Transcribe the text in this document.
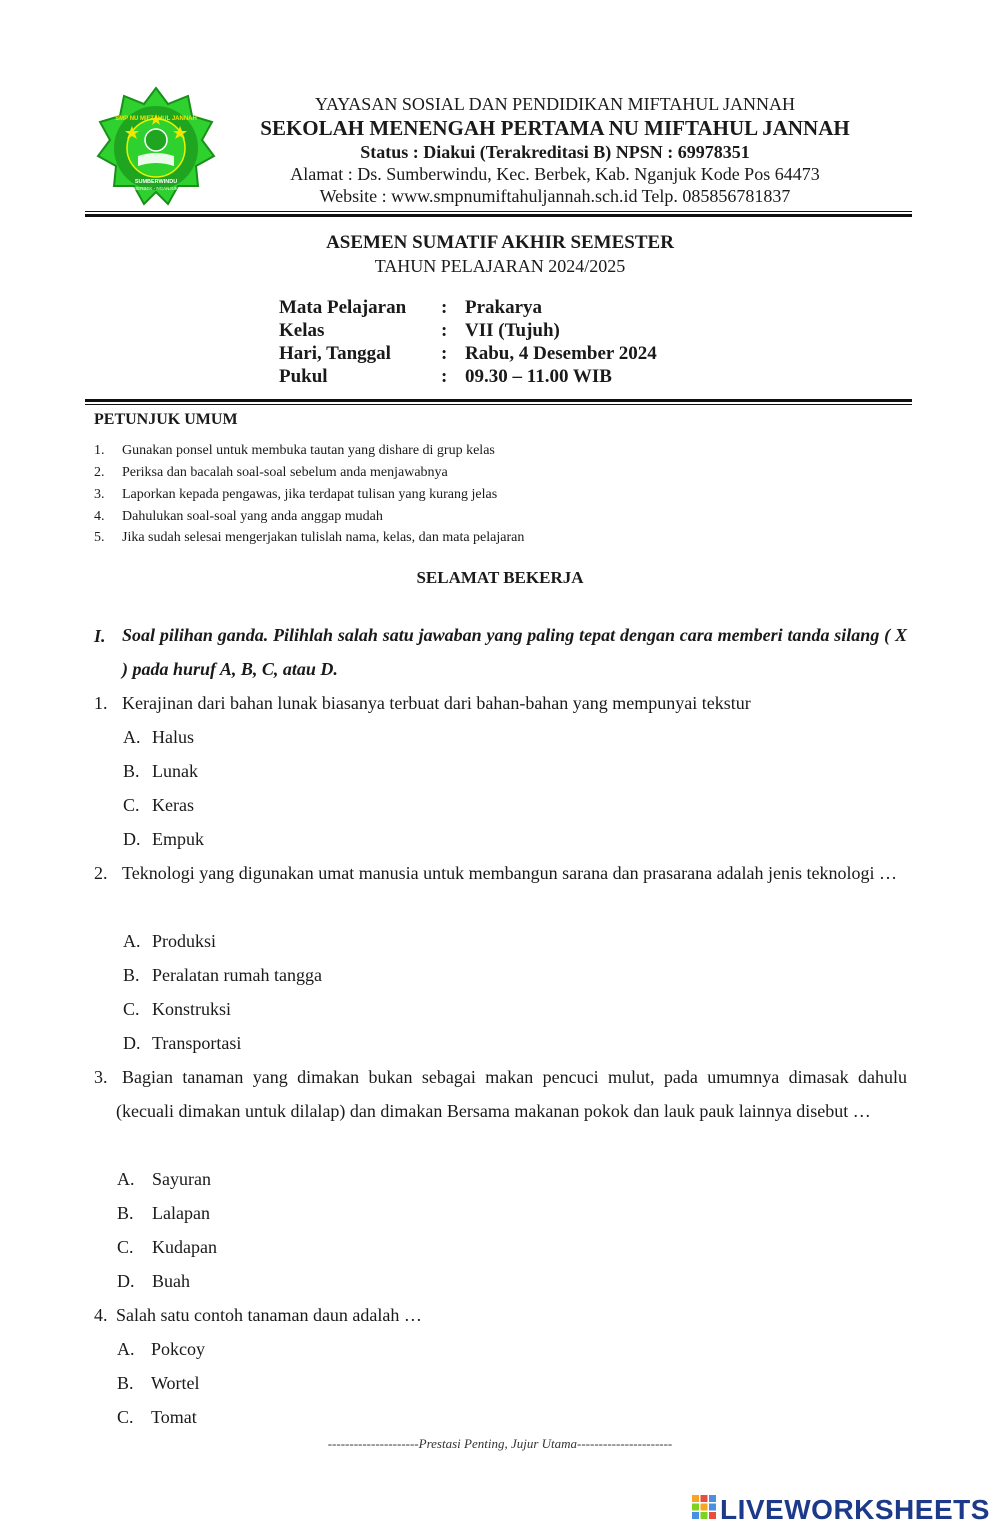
SMP NU MIFTAHUL JANNAH
SUMBERWINDU
BERBEK - NGANJUK
YAYASAN SOSIAL DAN PENDIDIKAN MIFTAHUL JANNAH
SEKOLAH MENENGAH PERTAMA NU MIFTAHUL JANNAH
Status : Diakui (Terakreditasi B) NPSN : 69978351
Alamat : Ds. Sumberwindu, Kec. Berbek, Kab. Nganjuk Kode Pos 64473
Website : www.smpnumiftahuljannah.sch.id Telp. 085856781837
ASEMEN SUMATIF AKHIR SEMESTER
TAHUN PELAJARAN 2024/2025
Mata Pelajaran : Prakarya
Kelas	: VII (Tujuh)
Hari, Tanggal	: Rabu, 4 Desember 2024
Pukul	: 09.30 – 11.00 WIB
PETUNJUK UMUM
1. Gunakan ponsel untuk membuka tautan yang dishare di grup kelas
2. Periksa dan bacalah soal-soal sebelum anda menjawabnya
3. Laporkan kepada pengawas, jika terdapat tulisan yang kurang jelas
4. Dahulukan soal-soal yang anda anggap mudah
5. Jika sudah selesai mengerjakan tulislah nama, kelas, dan mata pelajaran
SELAMAT BEKERJA
I. Soal pilihan ganda. Pilihlah salah satu jawaban yang paling tepat dengan cara memberi tanda silang ( X ) pada huruf A, B, C, atau D.
1. Kerajinan dari bahan lunak biasanya terbuat dari bahan-bahan yang mempunyai tekstur
A. Halus
B. Lunak
C. Keras
D. Empuk
2. Teknologi yang digunakan umat manusia untuk membangun sarana dan prasarana adalah jenis teknologi …
A. Produksi
B. Peralatan rumah tangga
C. Konstruksi
D. Transportasi
3. Bagian tanaman yang dimakan bukan sebagai makan pencuci mulut, pada umumnya dimasak dahulu (kecuali dimakan untuk dilalap) dan dimakan Bersama makanan pokok dan lauk pauk lainnya disebut …
A. Sayuran
B. Lalapan
C. Kudapan
D. Buah
4. Salah satu contoh tanaman daun adalah …
A. Pokcoy
B. Wortel
C. Tomat
---------------------Prestasi Penting, Jujur Utama----------------------
LIVEWORKSHEETS
